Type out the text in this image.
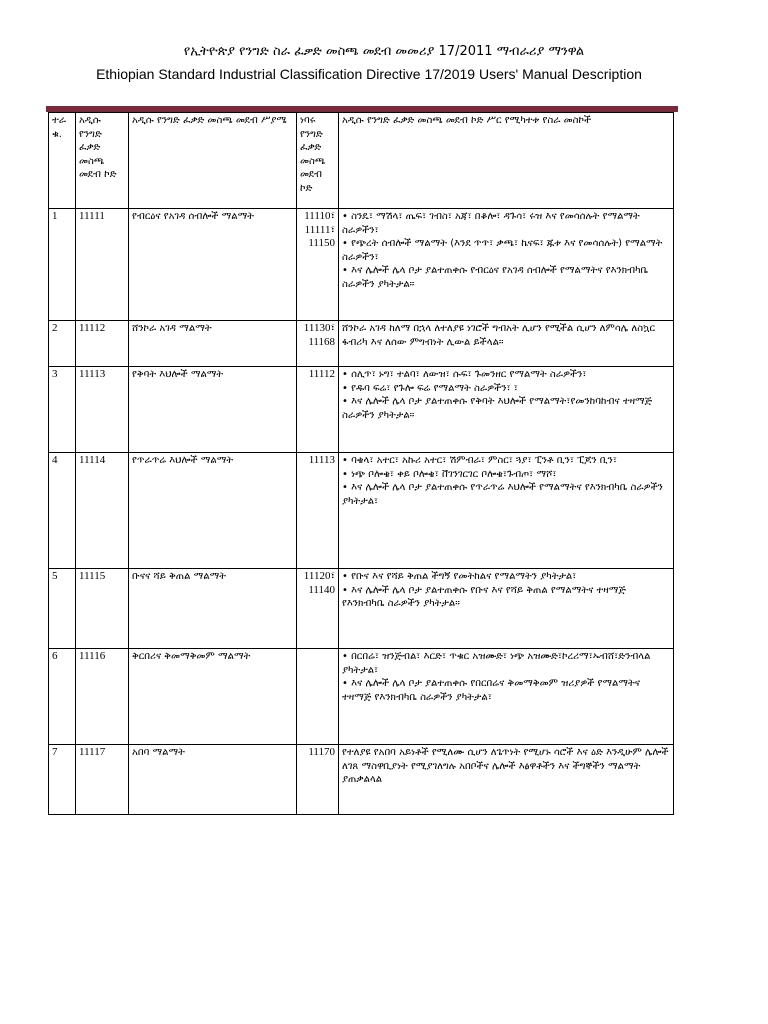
የኢትዮጵያ የንግድ ስራ ፈቃድ መስጫ መደብ መመሪያ 17/2011 ማብራሪያ ማንዋል
Ethiopian Standard Industrial Classification Directive 17/2019 Users' Manual Description
ተራ ቁ.	አዲሱ የንግድ ፈቃድ መስጫ መደብ ኮድ	አዲሱ የንግድ ፈቃድ መስጫ መደብ ሥያሜ	ነባሩ የንግድ ፈቃድ መስጫ መደብ ኮድ	አዲሱ የንግድ ፈቃድ መስጫ መደብ ኮድ ሥር የሚካተቱ የስራ መስኮች
1	11111	የብርዕና የአገዳ ሰብሎች ማልማት	11110፣ 11111፣ 11150	• ስንዴ፣ ማሽላ፣ ጤፍ፣ ገብስ፣ አጃ፣ በቆሎ፣ ዳጉሳ፣ ሩዝ እና የመሳሰሉት የማልማት ስራዎችን፣
• የጭረት ሰብሎች ማልማት (እንደ ጥጥ፣ ቃጫ፣ ኬናፍ፣ ጁቱ እና የመሳሰሉት) የማልማት ስራዎችን፣
• እና ሌሎች ሌላ ቦታ ያልተጠቀሱ የብርዕና የአገዳ ሰብሎች የማልማትና የእንክብካቤ ስራዎችን ያካትታል።

2	11112	ሸንኮራ አገዳ ማልማት	11130፣ 11168	ሸንኮራ አገዳ ከለማ በኋላ ለተለያዩ ነገሮች ግብአት ሊሆን የሚችል ሲሆን ለምሳሌ ለስኳር ፋብሪካ እና ለሰው ምግብነት ሊውል ይችላል።

3	11113	የቅባት እህሎች ማልማት	11112	• ሰሊጥ፣ ኑግ፣ ተልባ፣ ለውዝ፣ ሱፍ፣ ጉመንዘር የማልማት ስራዎችን፣
• የዱባ ፍሬ፣ የጉሎ ፍሬ የማልማት ስራዎችን፣ ፣
• እና ሌሎች ሌላ ቦታ ያልተጠቀሱ የቅባት እህሎች የማልማት፣የመንከባከብና ተዛማጅ ስራዎችን ያካትታል።

4	11114	የጥራጥሬ እህሎች ማልማት	11113	• ባቄላ፣ አተር፣ አኩሪ አተር፣ ሽምብራ፣ ምስር፣ ጓያ፣ ፒንቶ ቢን፣ ፒጆን ቢን፣
• ነጭ ቦሎቄ፣ ቀይ ቦሎቄ፣ ቨገንገርገር ቦሎቄ፣ጉብጦ፣ ማሾ፣
• እና ሌሎች ሌላ ቦታ ያልተጠቀሱ የጥራጥሬ እህሎች የማልማትና የእንክብካቤ ስራዎችን ያካትታል፣

5	11115	ቡናና ሻይ ቅጠል ማልማት	11120፣ 11140	• የቡና እና የሻይ ቅጠል ችግኝ የመትከልና የማልማትን ያካትታል፣
• እና ሌሎች ሌላ ቦታ ያልተጠቀሱ የቡና እና የሻይ ቅጠል የማልማትና ተዛማጅ የእንክብካቤ ስራዎችን ያካትታል።

6	11116	ቅርበሪና ቅመማቅመም ማልማት		• በርበሬ፣ ዝንጅብል፣ እርድ፣ ጥቁር አዝሙድ፣ ነጭ አዝሙድ፣ኮረሪማ፣ኡብሸ፣ድንብላል ያካትታል፣
• እና ሌሎች ሌላ ቦታ ያልተጠቀሱ የበርበሬና ቅመማቅመም ዝሪያዎች የማልማትና ተዛማጅ የእንክብካቤ ስራዎችን ያካትታል፣

7	11117	አበባ ማልማት	11170	የተለያዩ የአበባ አይነቶች የሚለሙ ሲሆን ለጌጥነት የሚሆኑ ሳሮች እና ዕድ እንዲሁም ሌሎች ለገጸ ማስዋቢያነት የሚያገለግሉ አበቦችና ሌሎች እፅዋቶችን እና ችግኞችን ማልማት ያጠቃልላል
